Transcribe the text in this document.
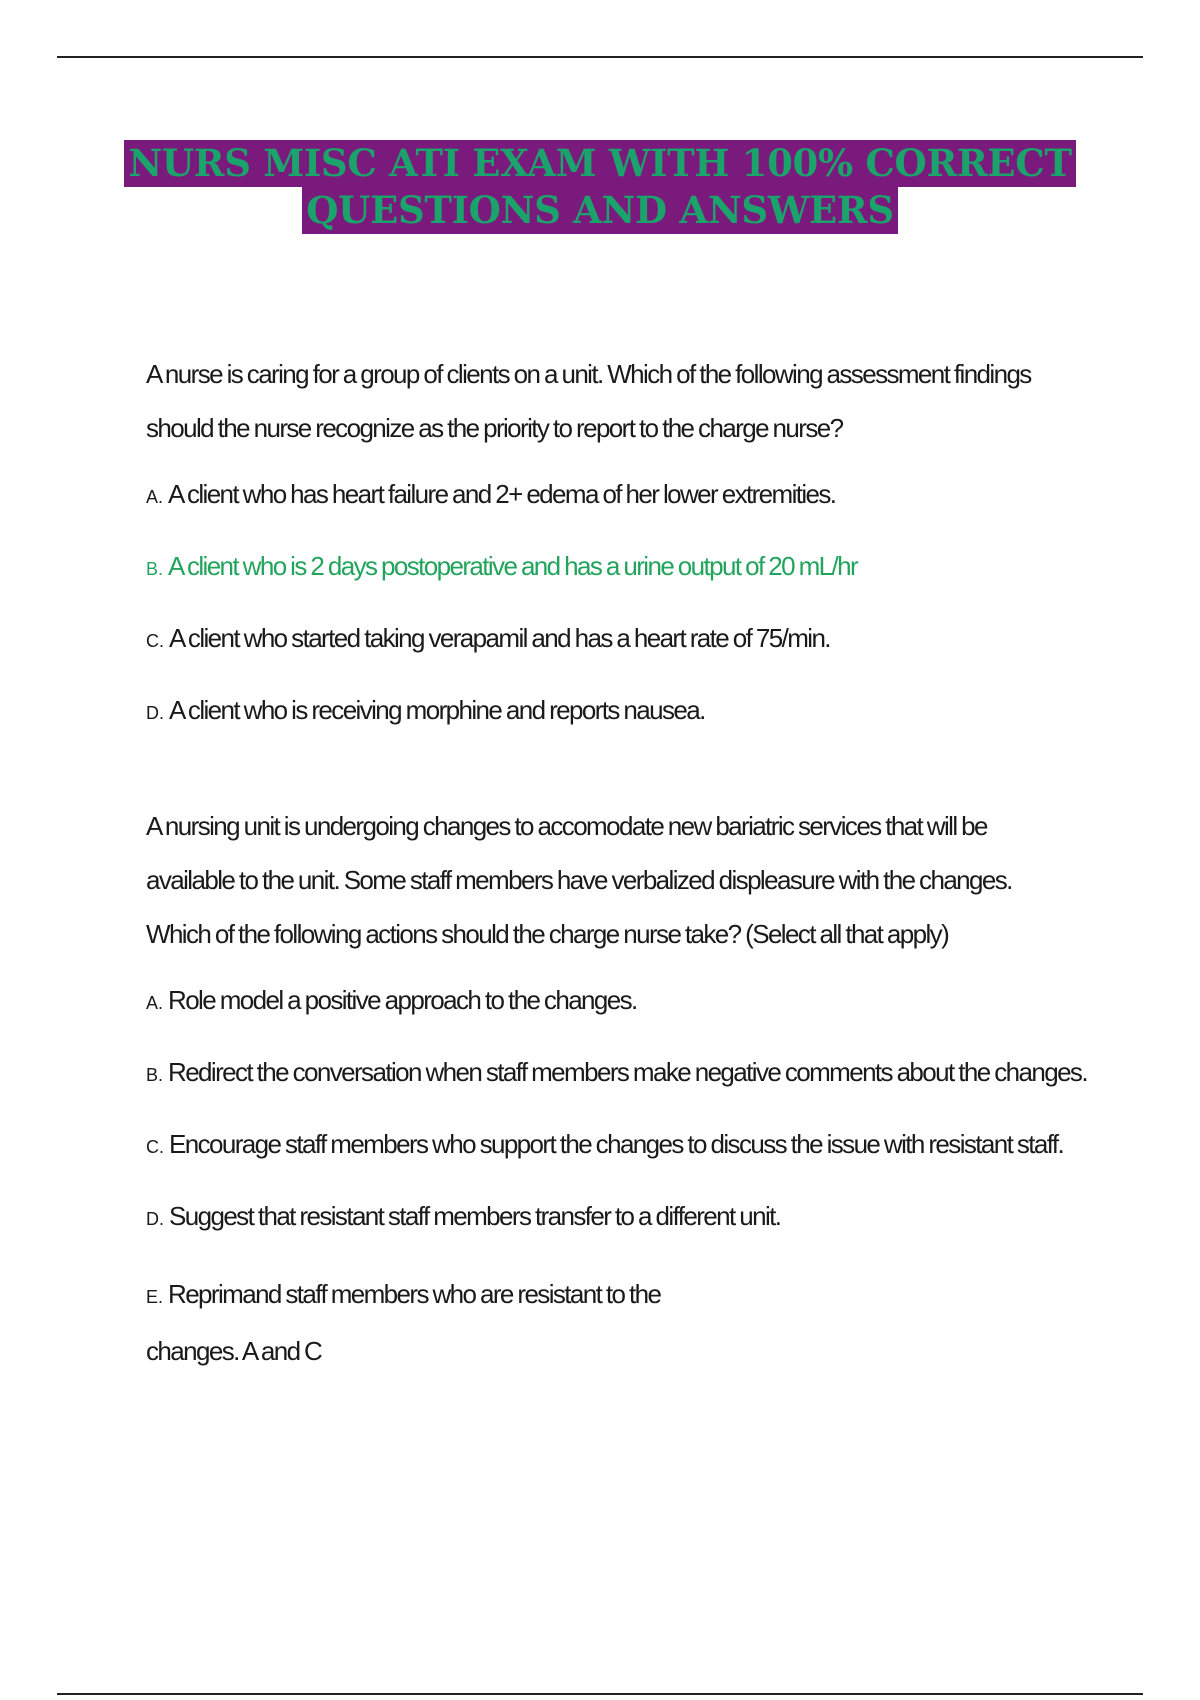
NURS MISC ATI EXAM WITH 100% CORRECT
QUESTIONS AND ANSWERS

A nurse is caring for a group of clients on a unit. Which of the following assessment findings
should the nurse recognize as the priority to report to the charge nurse?

A. A client who has heart failure and 2+ edema of her lower extremities.
B. A client who is 2 days postoperative and has a urine output of 20 mL/hr
C. A client who started taking verapamil and has a heart rate of 75/min.
D. A client who is receiving morphine and reports nausea.

A nursing unit is undergoing changes to accomodate new bariatric services that will be
available to the unit. Some staff members have verbalized displeasure with the changes.
Which of the following actions should the charge nurse take? (Select all that apply)

A. Role model a positive approach to the changes.
B. Redirect the conversation when staff members make negative comments about the changes.
C. Encourage staff members who support the changes to discuss the issue with resistant staff.
D. Suggest that resistant staff members transfer to a different unit.
E. Reprimand staff members who are resistant to the
changes. A and C
